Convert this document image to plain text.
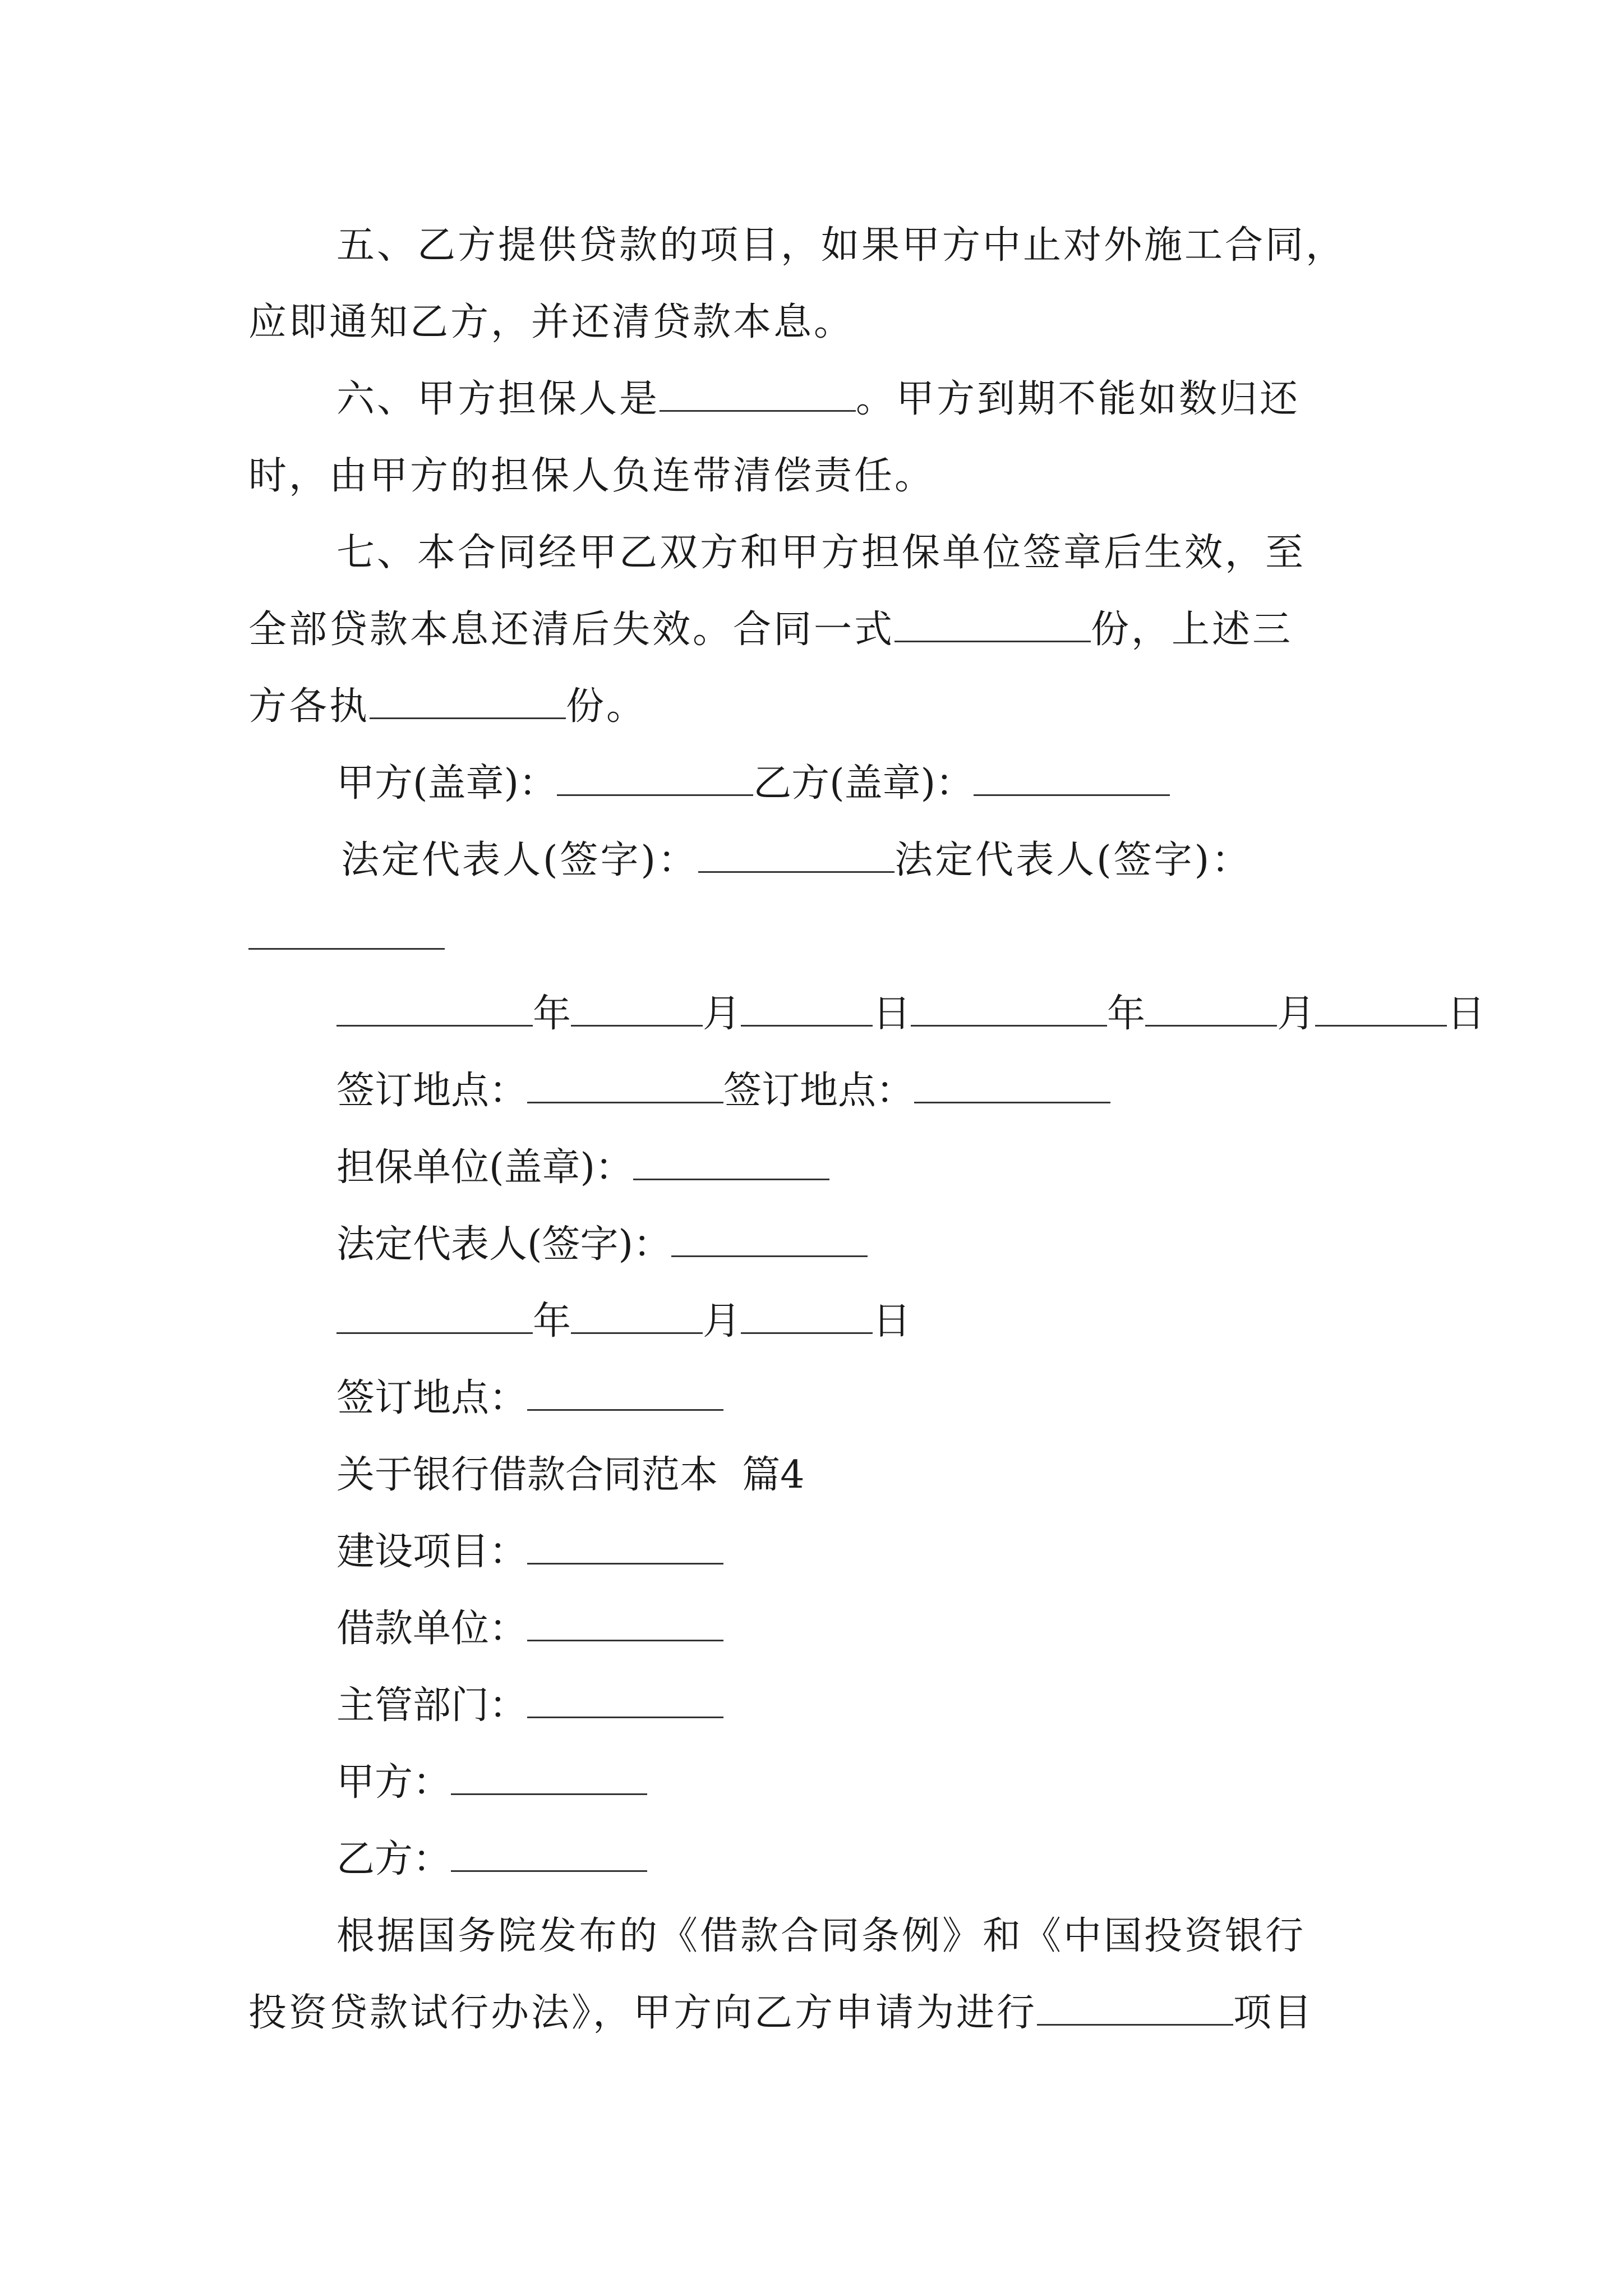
五、乙方提供贷款的项目，如果甲方中止对外施工合同，
应即通知乙方，并还清贷款本息。
六、甲方担保人是	。甲方到期不能如数归还
时，由甲方的担保人负连带清偿责任。
七、本合同经甲乙双方和甲方担保单位签章后生效，至
全部贷款本息还清后失效。合同一式	份，上述三
方各执	份。
甲方(盖章)：	乙方(盖章)：
法定代表人(签字)：	法定代表人(签字)：
年	月	日	年	月	日
签订地点：	签订地点：
担保单位(盖章)：
法定代表人(签字)：
年	月	日
签订地点：
关于银行借款合同范本  篇4
建设项目：
借款单位：
主管部门：
甲方：
乙方：
根据国务院发布的《借款合同条例》和《中国投资银行
投资贷款试行办法》，甲方向乙方申请为进行	项目
